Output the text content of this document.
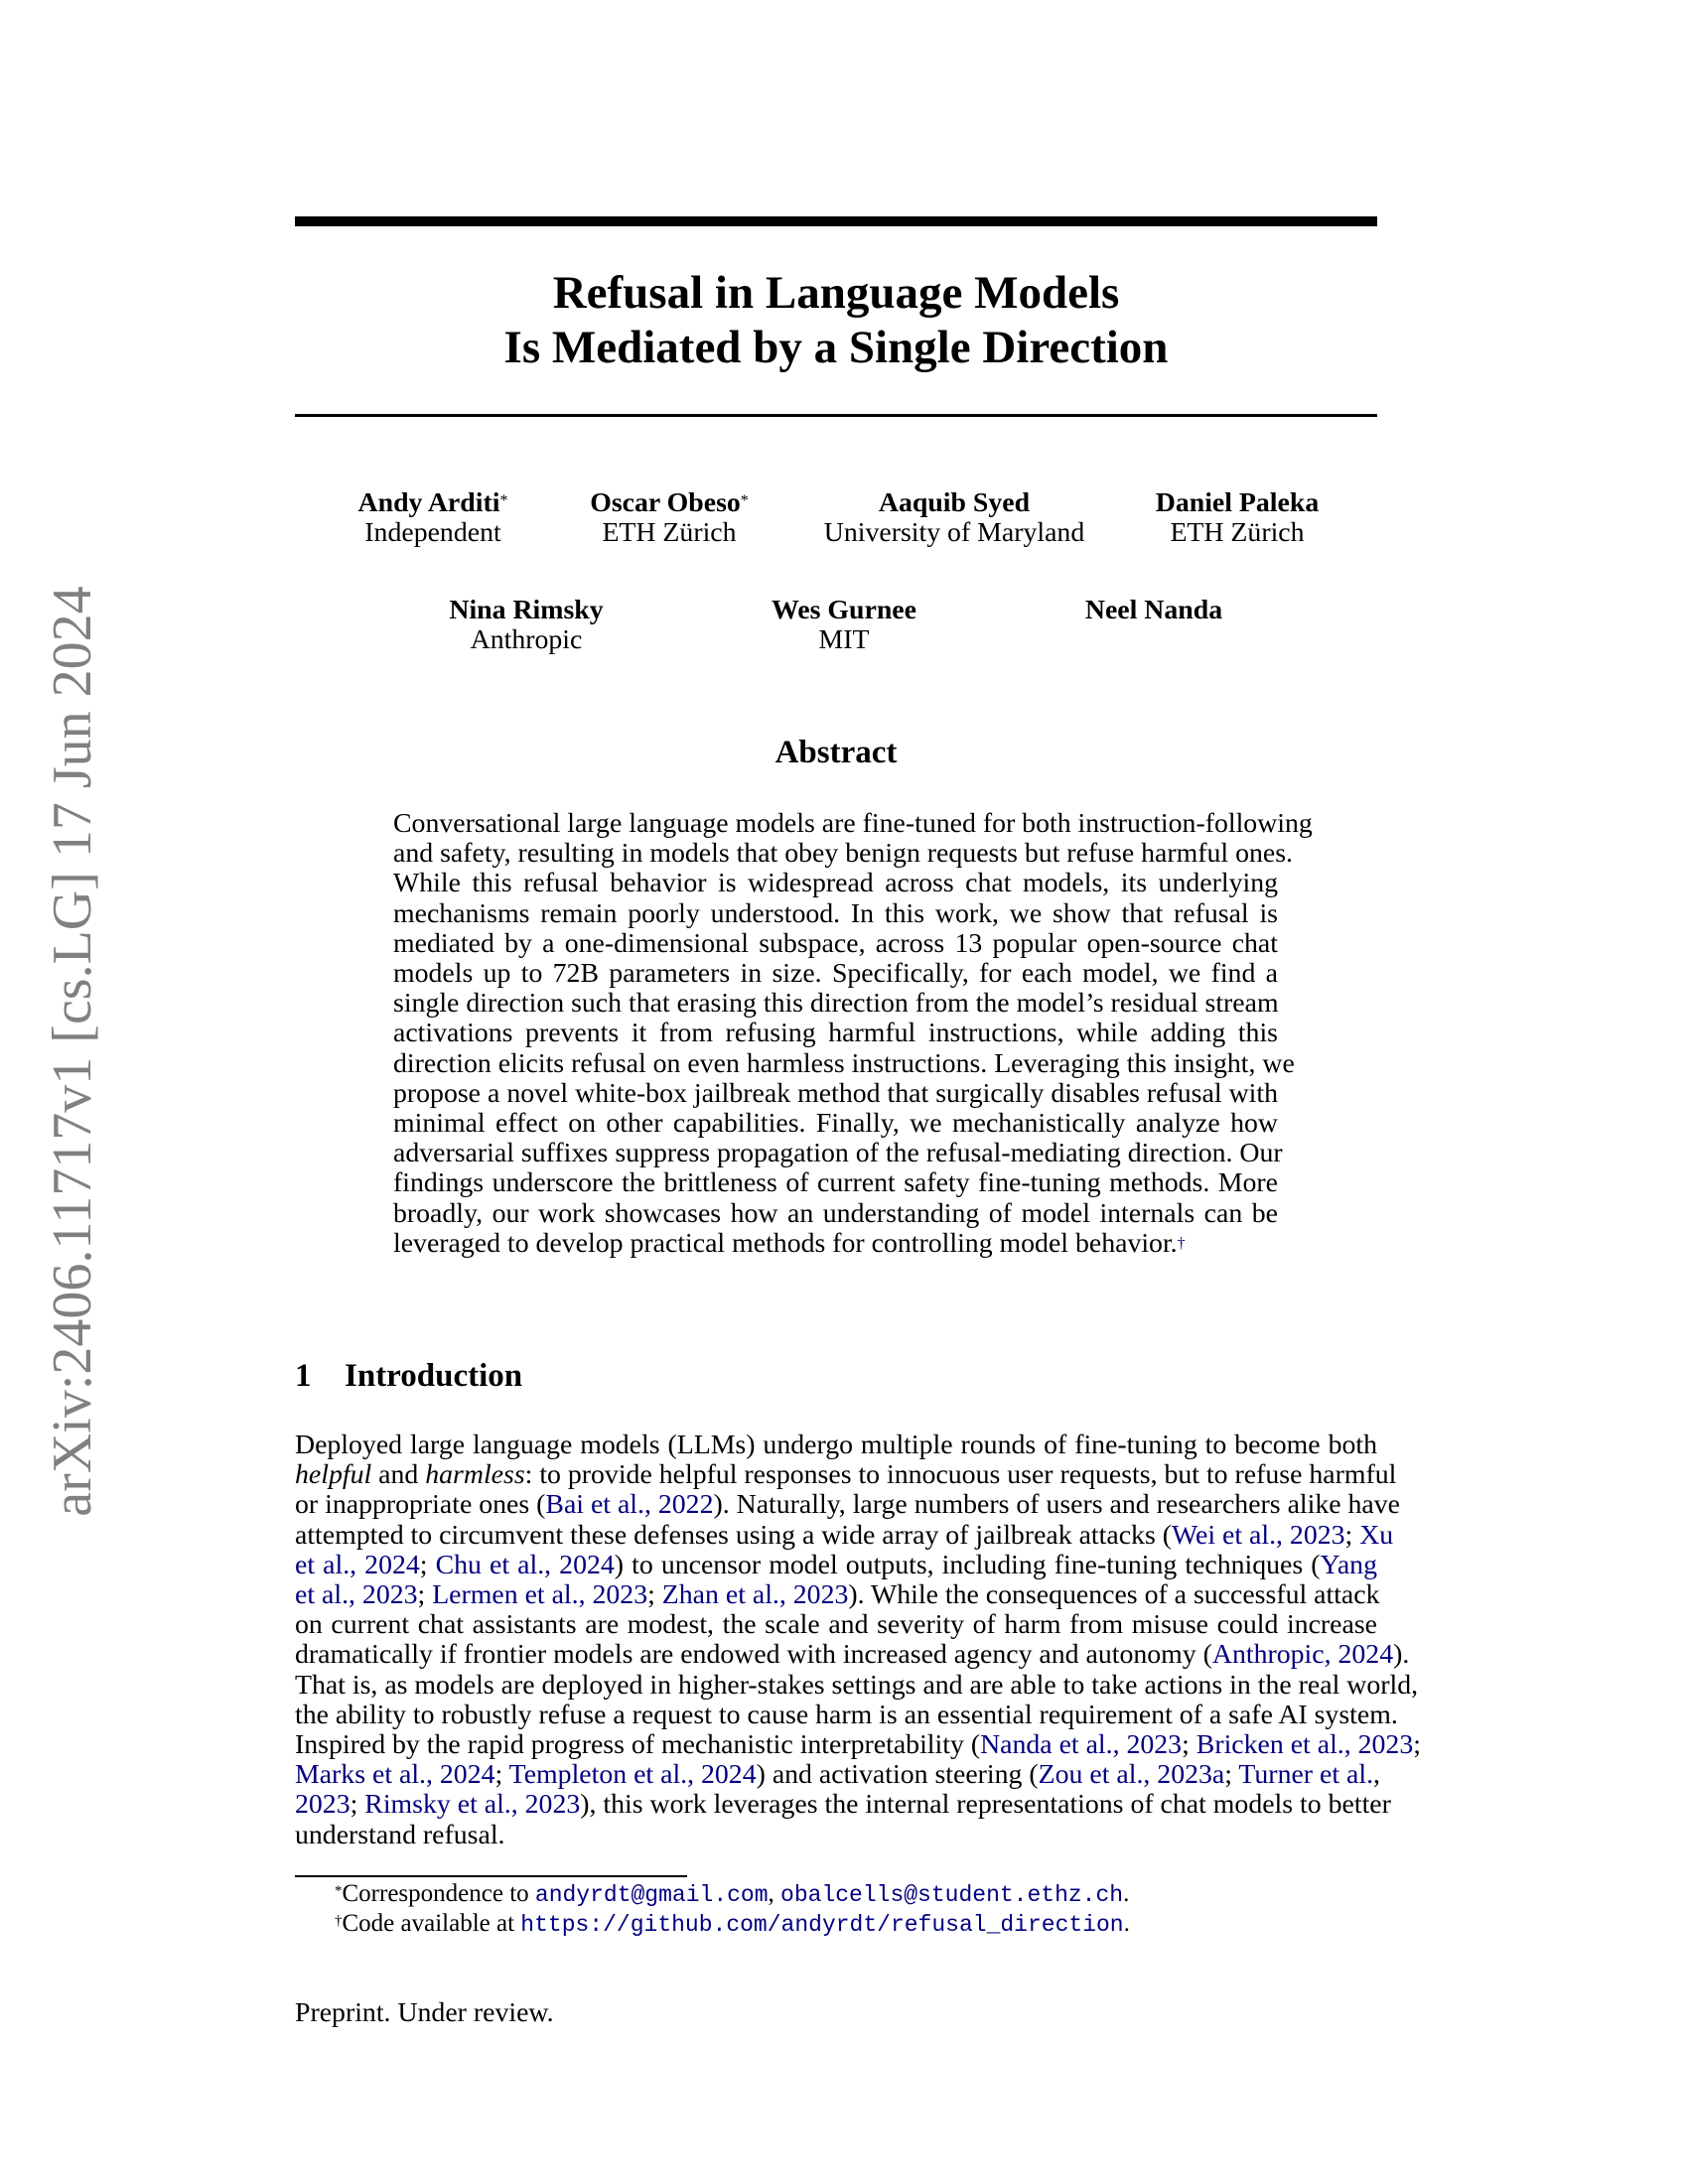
arXiv:2406.11717v1 [cs.LG] 17 Jun 2024
Refusal in Language Models
Is Mediated by a Single Direction
Andy Arditi*
Independent
Oscar Obeso*
ETH Zürich
Aaquib Syed
University of Maryland
Daniel Paleka
ETH Zürich
Nina Rimsky
Anthropic
Wes Gurnee
MIT
Neel Nanda
Abstract
Conversational large language models are fine-tuned for both instruction-following
and safety, resulting in models that obey benign requests but refuse harmful ones.
While this refusal behavior is widespread across chat models, its underlying
mechanisms remain poorly understood. In this work, we show that refusal is
mediated by a one-dimensional subspace, across 13 popular open-source chat
models up to 72B parameters in size. Specifically, for each model, we find a
single direction such that erasing this direction from the model’s residual stream
activations prevents it from refusing harmful instructions, while adding this
direction elicits refusal on even harmless instructions. Leveraging this insight, we
propose a novel white-box jailbreak method that surgically disables refusal with
minimal effect on other capabilities. Finally, we mechanistically analyze how
adversarial suffixes suppress propagation of the refusal-mediating direction. Our
findings underscore the brittleness of current safety fine-tuning methods. More
broadly, our work showcases how an understanding of model internals can be
leveraged to develop practical methods for controlling model behavior.†
1 Introduction
Deployed large language models (LLMs) undergo multiple rounds of fine-tuning to become both
helpful and harmless: to provide helpful responses to innocuous user requests, but to refuse harmful
or inappropriate ones (Bai et al., 2022). Naturally, large numbers of users and researchers alike have
attempted to circumvent these defenses using a wide array of jailbreak attacks (Wei et al., 2023; Xu
et al., 2024; Chu et al., 2024) to uncensor model outputs, including fine-tuning techniques (Yang
et al., 2023; Lermen et al., 2023; Zhan et al., 2023). While the consequences of a successful attack
on current chat assistants are modest, the scale and severity of harm from misuse could increase
dramatically if frontier models are endowed with increased agency and autonomy (Anthropic, 2024).
That is, as models are deployed in higher-stakes settings and are able to take actions in the real world,
the ability to robustly refuse a request to cause harm is an essential requirement of a safe AI system.
Inspired by the rapid progress of mechanistic interpretability (Nanda et al., 2023; Bricken et al., 2023;
Marks et al., 2024; Templeton et al., 2024) and activation steering (Zou et al., 2023a; Turner et al.,
2023; Rimsky et al., 2023), this work leverages the internal representations of chat models to better
understand refusal.
*Correspondence to andyrdt@gmail.com, obalcells@student.ethz.ch.
†Code available at https://github.com/andyrdt/refusal_direction.
Preprint. Under review.
